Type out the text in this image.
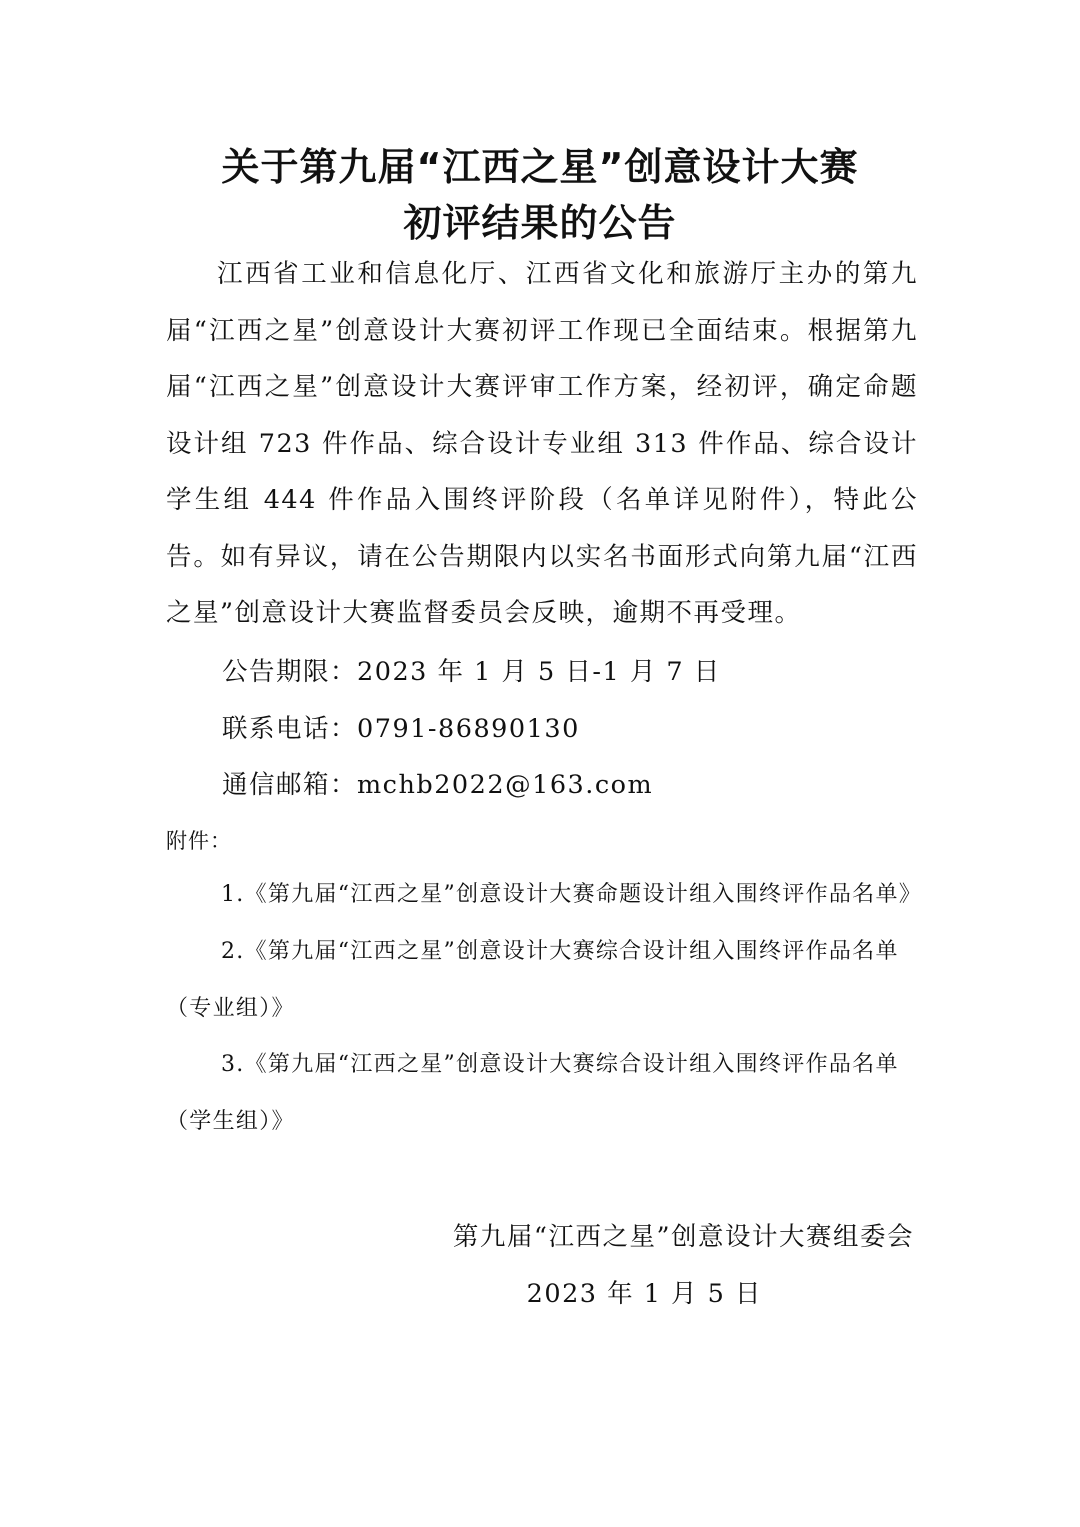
关于第九届“江西之星”创意设计大赛
初评结果的公告

江西省工业和信息化厅、江西省文化和旅游厅主办的第九届“江西之星”创意设计大赛初评工作现已全面结束。根据第九届“江西之星”创意设计大赛评审工作方案，经初评，确定命题设计组 723 件作品、综合设计专业组 313 件作品、综合设计学生组 444 件作品入围终评阶段（名单详见附件），特此公告。如有异议，请在公告期限内以实名书面形式向第九届“江西之星”创意设计大赛监督委员会反映，逾期不再受理。

公告期限：2023 年 1 月 5 日-1 月 7 日
联系电话：0791-86890130
通信邮箱：mchb2022@163.com
附件：

1.《第九届“江西之星”创意设计大赛命题设计组入围终评作品名单》

2.《第九届“江西之星”创意设计大赛综合设计组入围终评作品名单（专业组）》

3.《第九届“江西之星”创意设计大赛综合设计组入围终评作品名单（学生组）》

第九届“江西之星”创意设计大赛组委会
2023 年 1 月 5 日
